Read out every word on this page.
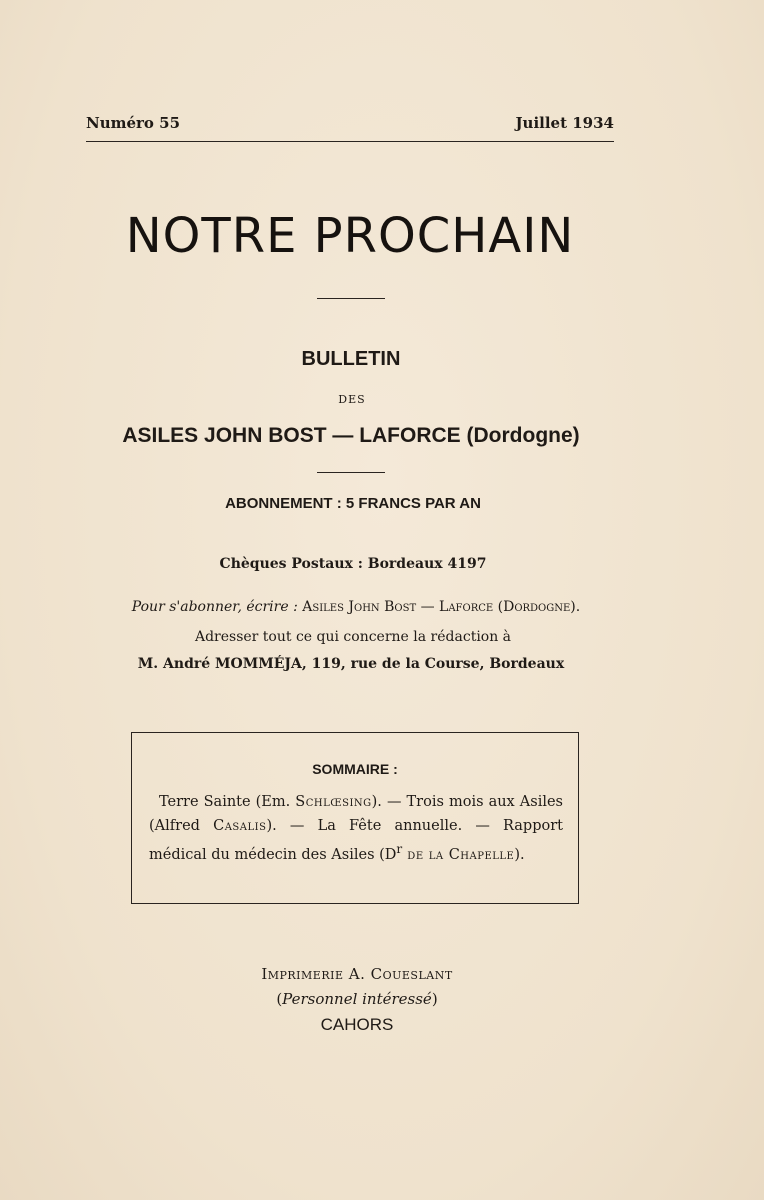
Numéro 55	Juillet 1934
NOTRE PROCHAIN
BULLETIN
DES
ASILES JOHN BOST — LAFORCE (Dordogne)
ABONNEMENT : 5 FRANCS PAR AN
Chèques Postaux : Bordeaux 4197
Pour s'abonner, écrire : Asiles John Bost — Laforce (Dordogne).
Adresser tout ce qui concerne la rédaction à
M. André MOMMÉJA, 119, rue de la Course, Bordeaux
SOMMAIRE :
Terre Sainte (Em. Schlœsing). — Trois mois aux Asiles (Alfred Casalis). — La Fête annuelle. — Rapport médical du médecin des Asiles ($D^r$ de la Chapelle).
Imprimerie A. Coueslant
(Personnel intéressé)
CAHORS
